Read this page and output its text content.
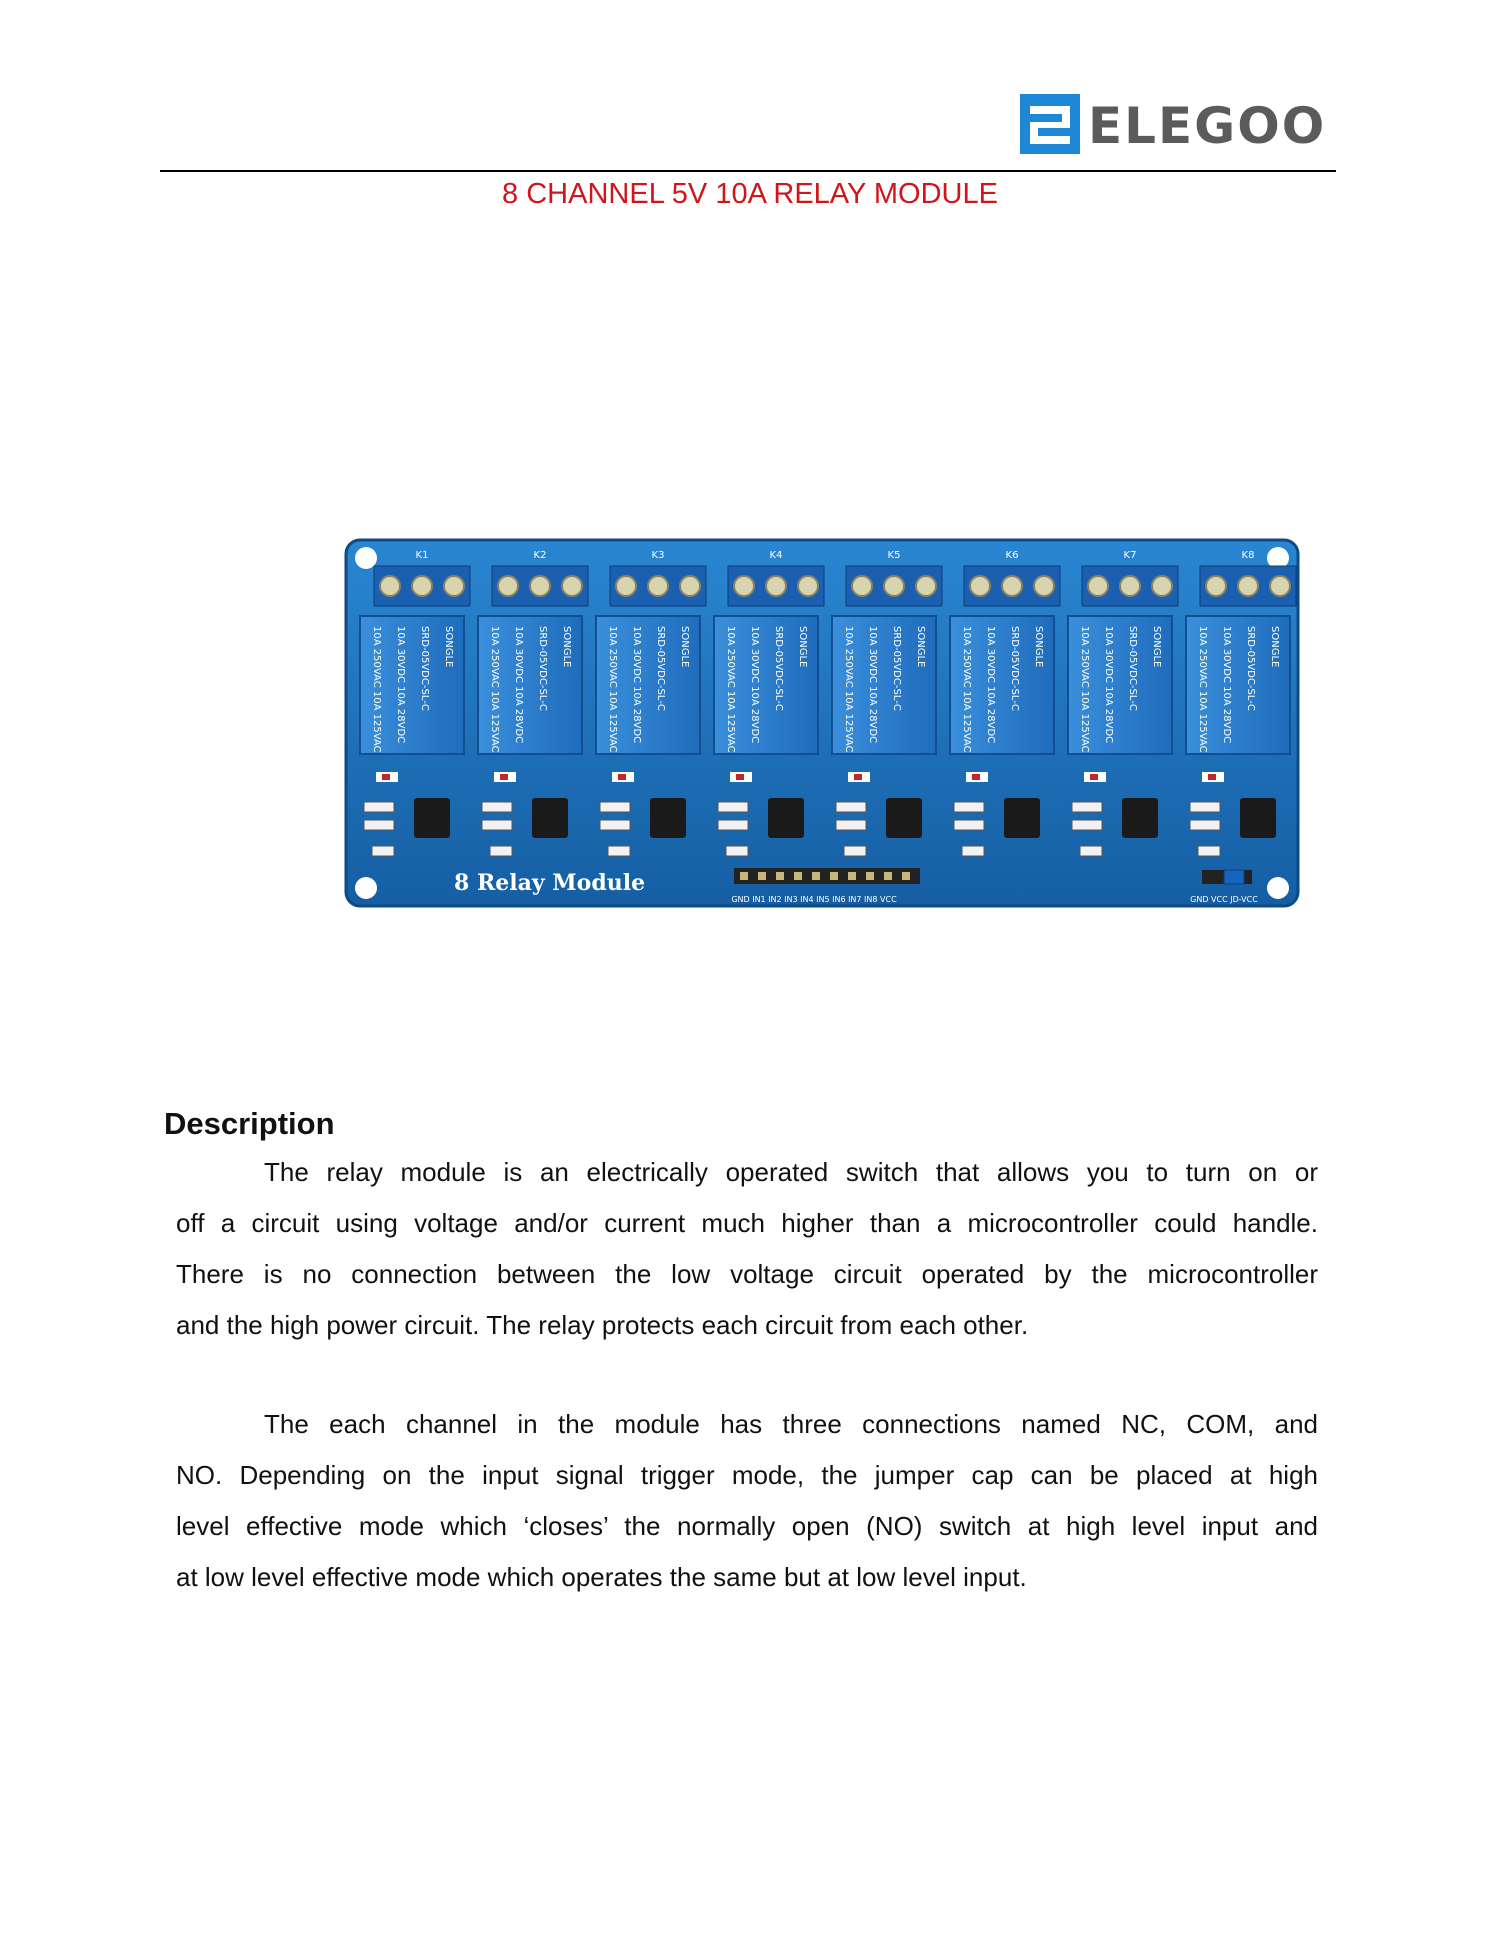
ELEGOO
8 CHANNEL 5V 10A RELAY MODULE
K1
10A 250VAC 10A 125VAC 10A 30VDC 10A 28VDC SRD-05VDC-SL-C SONGLE
K2
10A 250VAC 10A 125VAC 10A 30VDC 10A 28VDC SRD-05VDC-SL-C SONGLE
K3
10A 250VAC 10A 125VAC 10A 30VDC 10A 28VDC SRD-05VDC-SL-C SONGLE
K4
10A 250VAC 10A 125VAC 10A 30VDC 10A 28VDC SRD-05VDC-SL-C SONGLE
K5
10A 250VAC 10A 125VAC 10A 30VDC 10A 28VDC SRD-05VDC-SL-C SONGLE
K6
10A 250VAC 10A 125VAC 10A 30VDC 10A 28VDC SRD-05VDC-SL-C SONGLE
K7
10A 250VAC 10A 125VAC 10A 30VDC 10A 28VDC SRD-05VDC-SL-C SONGLE
K8
10A 250VAC 10A 125VAC 10A 30VDC 10A 28VDC SRD-05VDC-SL-C SONGLE
GND IN1 IN2 IN3 IN4 IN5 IN6 IN7 IN8 VCC	GND VCC JD-VCC
8 Relay Module
Description
The relay module is an electrically operated switch that allows you to turn on or
off a circuit using voltage and/or current much higher than a microcontroller could handle.
There is no connection between the low voltage circuit operated by the microcontroller
and the high power circuit. The relay protects each circuit from each other.
The each channel in the module has three connections named NC, COM, and
NO. Depending on the input signal trigger mode, the jumper cap can be placed at high
level effective mode which ‘closes’ the normally open (NO) switch at high level input and
at low level effective mode which operates the same but at low level input.
